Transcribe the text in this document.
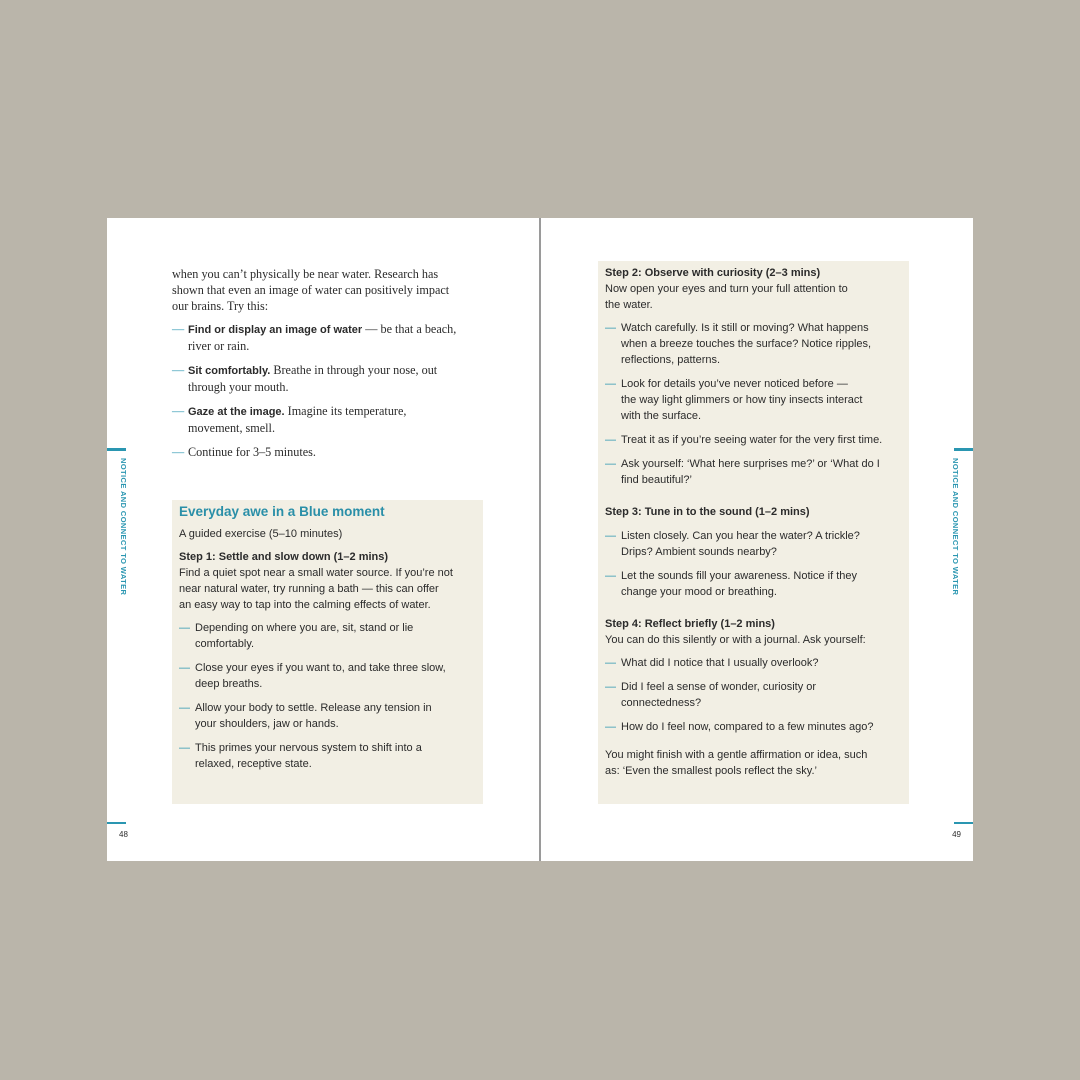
when you can’t physically be near water. Research has
shown that even an image of water can positively impact
our brains. Try this:

— Find or display an image of water — be that a beach,
river or rain.
— Sit comfortably. Breathe in through your nose, out
through your mouth.
— Gaze at the image. Imagine its temperature,
movement, smell.
— Continue for 3–5 minutes.
Everyday awe in a Blue moment

A guided exercise (5–10 minutes)

Step 1: Settle and slow down (1–2 mins)

Find a quiet spot near a small water source. If you’re not
near natural water, try running a bath — this can offer
an easy way to tap into the calming effects of water.

— Depending on where you are, sit, stand or lie
comfortably.
— Close your eyes if you want to, and take three slow,
deep breaths.
— Allow your body to settle. Release any tension in
your shoulders, jaw or hands.
— This primes your nervous system to shift into a
relaxed, receptive state.
NOTICE AND CONNECT TO WATER
48

Step 2: Observe with curiosity (2–3 mins)

Now open your eyes and turn your full attention to
the water.

— Watch carefully. Is it still or moving? What happens
when a breeze touches the surface? Notice ripples,
reflections, patterns.
— Look for details you’ve never noticed before —
the way light glimmers or how tiny insects interact
with the surface.
— Treat it as if you’re seeing water for the very first time.
— Ask yourself: ‘What here surprises me?’ or ‘What do I
find beautiful?’

Step 3: Tune in to the sound (1–2 mins)

— Listen closely. Can you hear the water? A trickle?
Drips? Ambient sounds nearby?
— Let the sounds fill your awareness. Notice if they
change your mood or breathing.

Step 4: Reflect briefly (1–2 mins)

You can do this silently or with a journal. Ask yourself:

— What did I notice that I usually overlook?
— Did I feel a sense of wonder, curiosity or
connectedness?
— How do I feel now, compared to a few minutes ago?

You might finish with a gentle affirmation or idea, such
as: ‘Even the smallest pools reflect the sky.’

NOTICE AND CONNECT TO WATER
49
